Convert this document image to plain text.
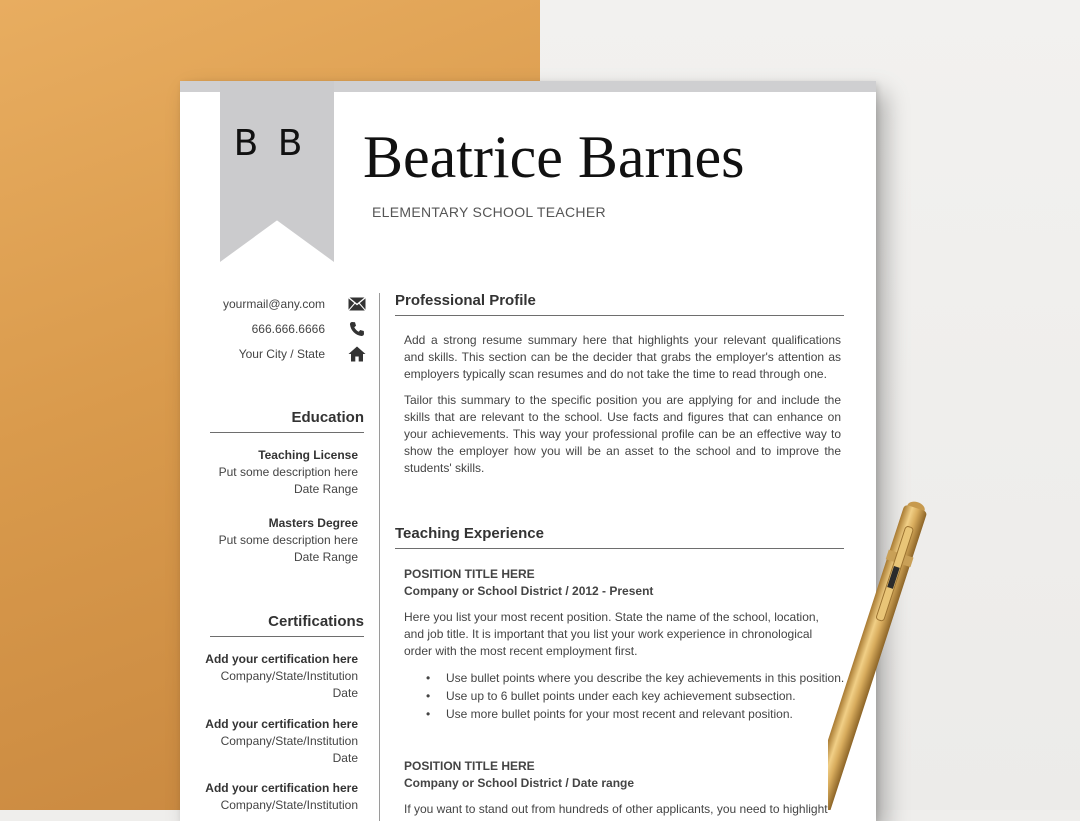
B B Beatrice Barnes
ELEMENTARY SCHOOL TEACHER
yourmail@any.com
666.666.6666
Your City / State
Education
Teaching License
Put some description here
Date Range
Masters Degree
Put some description here
Date Range
Certifications
Add your certification here
Company/State/Institution
Date
Add your certification here
Company/State/Institution
Date
Add your certification here
Company/State/Institution
Professional Profile
Add a strong resume summary here that highlights your relevant qualifications and skills. This section can be the decider that grabs the employer's attention as employers typically scan resumes and do not take the time to read through one.
Tailor this summary to the specific position you are applying for and include the skills that are relevant to the school. Use facts and figures that can enhance on your achievements. This way your professional profile can be an effective way to show the employer how you will be an asset to the school and to improve the students' skills.
Teaching Experience
POSITION TITLE HERE
Company or School District / 2012 - Present
Here you list your most recent position. State the name of the school, location, and job title. It is important that you list your work experience in chronological order with the most recent employment first.
• Use bullet points where you describe the key achievements in this position.
• Use up to 6 bullet points under each key achievement subsection.
• Use more bullet points for your most recent and relevant position.
POSITION TITLE HERE
Company or School District / Date range
If you want to stand out from hundreds of other applicants, you need to highlight
